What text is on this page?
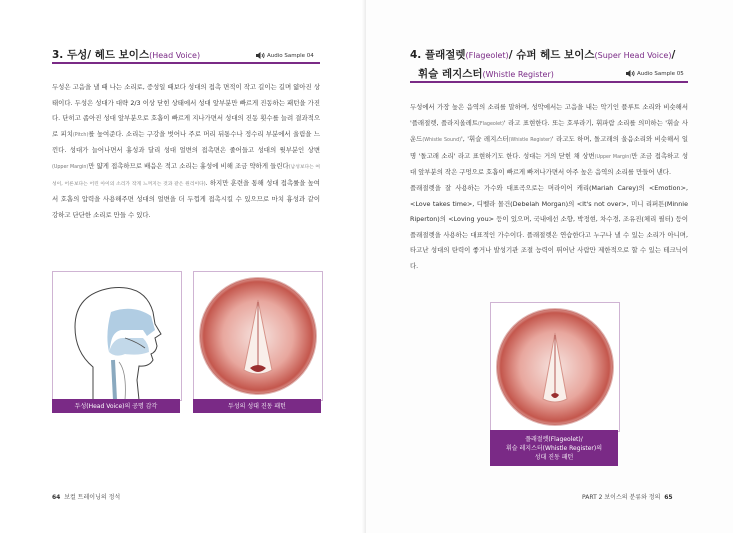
3. 두성/ 헤드 보이스(Head Voice)	Audio Sample 04

두성은 고음을 낼 때 나는 소리로, 증성일 때보다 성대의 접촉 면적이 작고 길이는 길며 얇아진 상태이다. 두성은 성대가 대략 2/3 이상 닫힌 상태에서 성대 앞부분만 빠르게 진동하는 패턴을 가진다. 단히고 좁아진 성대 앞부분으로 호흡이 빠르게 지나가면서 성대의 진동 횟수를 늘려 결과적으로 피치(Pitch)를 높여준다. 소리는 구강을 벗어나 주로 머리 뒤통수나 정수리 부분에서 울림을 느낀다. 성대가 늘어나면서 흉성과 달리 성대 얼변의 접촉면은 줄어들고 성대의 윗부분인 상변(Upper Margin)만 얇게 접촉하므로 배음은 적고 소리는 흉성에 비해 조금 약하게 들린다(남성보다는 여성이, 어른보다는 어린 아이의 소리가 작게 느껴지는 것과 같은 원리이다). 하지만 훈련을 통해 성대 접촉률을 높여서 호흡의 압력을 사용해주면 성대의 얼변을 더 두껍게 접촉시킬 수 있으므로 마치 흉성과 같이 강하고 단단한 소리로 만들 수 있다.

두성(Head Voice)의 공명 감각	두성의 성대 진동 패턴
64 보컬 트레이닝의 정석
4. 플래절렛(Flageolet)/ 슈퍼 헤드 보이스(Super Head Voice)/
휘슬 레지스터(Whistle Register)	Audio Sample 05

두성에서 가장 높은 음역의 소리를 말하며, 성악에서는 고음을 내는 악기인 플루트 소리와 비슷해서 '플래절렛, 플라지올레트(Flageolet)' 라고 표현한다. 또는 호루라기, 휘파람 소리를 의미하는 '휘슬 사운드(Whistle Sound)', '휘슬 레지스터(Whistle Register)' 라고도 하며, 돌고래의 울음소리와 비슷해서 일명 '돌고래 소리' 라고 표현하기도 한다. 성대는 거의 닫힌 채 상변(Upper Margin)만 조금 접촉하고 성대 앞부분의 작은 구멍으로 호흡이 빠르게 빠져나가면서 아주 높은 음역의 소리를 만들어 낸다.

플래절렛을 잘 사용하는 가수와 대표곡으로는 머라이어 캐리(Mariah Carey)의 <Emotion>, <Love takes time>, 디벨라 몰건(Debelah Morgan)의 <It's not over>, 미니 리퍼튼(Minnie Riperton)의 <Loving you> 등이 있으며, 국내에선 소향, 박정현, 차수경, 조유진(체리 필터) 등이 플래절렛을 사용하는 대표적인 가수이다. 플래절렛은 연습한다고 누구나 낼 수 있는 소리가 아니며, 타고난 성대의 탄력이 좋거나 발성기관 조절 능력이 뛰어난 사람만 제한적으로 할 수 있는 테크닉이다.

플래절렛(Flageolet)/
휘슬 레지스터(Whistle Register)의
성대 진동 패턴
PART 2 보이스의 분류와 정의 65
